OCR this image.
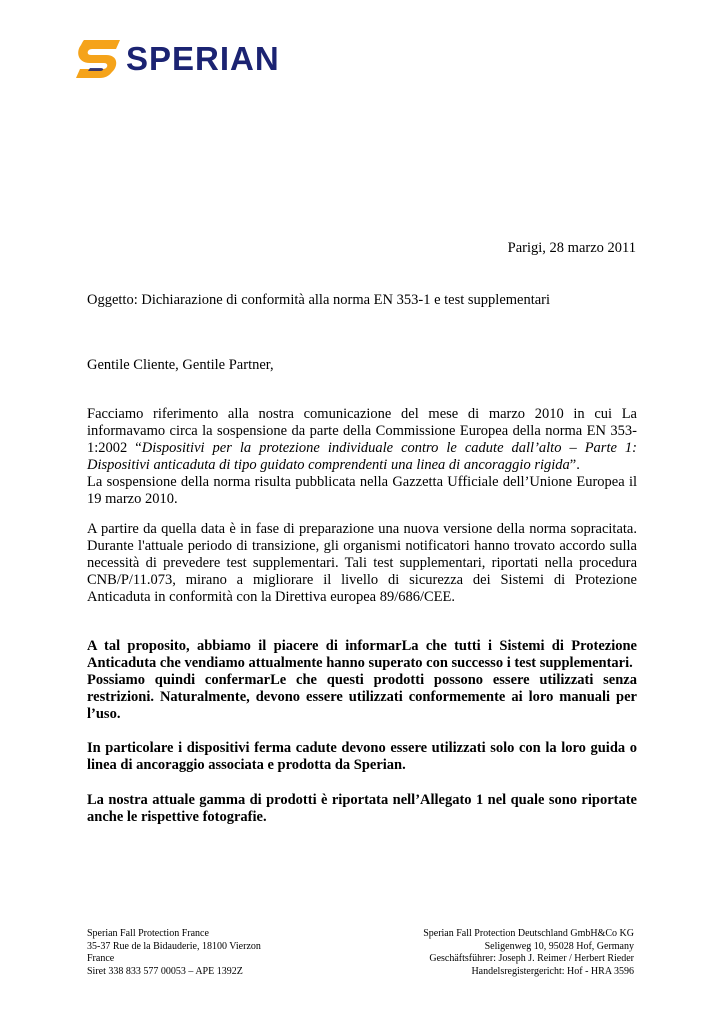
SPERIAN
Parigi, 28 marzo 2011
Oggetto: Dichiarazione di conformità alla norma EN 353-1 e test supplementari
Gentile Cliente, Gentile Partner,

Facciamo riferimento alla nostra comunicazione del mese di marzo 2010 in cui La

informavamo circa la sospensione da parte della Commissione Europea della norma EN 353-

1:2002 “Dispositivi per la protezione individuale contro le cadute dall’alto – Parte 1:

Dispositivi anticaduta di tipo guidato comprendenti una linea di ancoraggio rigida”.

La sospensione della norma risulta pubblicata nella Gazzetta Ufficiale dell’Unione Europea il

19 marzo 2010.

A partire da quella data è in fase di preparazione una nuova versione della norma sopracitata.

Durante l'attuale periodo di transizione, gli organismi notificatori hanno trovato accordo sulla

necessità di prevedere test supplementari. Tali test supplementari, riportati nella procedura

CNB/P/11.073, mirano a migliorare il livello di sicurezza dei Sistemi di Protezione

Anticaduta in conformità con la Direttiva europea 89/686/CEE.

A tal proposito, abbiamo il piacere di informarLa che tutti i Sistemi di Protezione

Anticaduta che vendiamo attualmente hanno superato con successo i test supplementari.

Possiamo quindi confermarLe che questi prodotti possono essere utilizzati senza

restrizioni. Naturalmente, devono essere utilizzati conformemente ai loro manuali per

l’uso.

In particolare i dispositivi ferma cadute devono essere utilizzati solo con la loro guida o

linea di ancoraggio associata e prodotta da Sperian.

La nostra attuale gamma di prodotti è riportata nell’Allegato 1 nel quale sono riportate

anche le rispettive fotografie.

Sperian Fall Protection France
35-37 Rue de la Bidauderie, 18100 Vierzon
France
Siret 338 833 577 00053 – APE 1392Z
Sperian Fall Protection Deutschland GmbH&Co KG
Seligenweg 10, 95028 Hof, Germany
Geschäftsführer: Joseph J. Reimer / Herbert Rieder
Handelsregistergericht: Hof - HRA 3596
